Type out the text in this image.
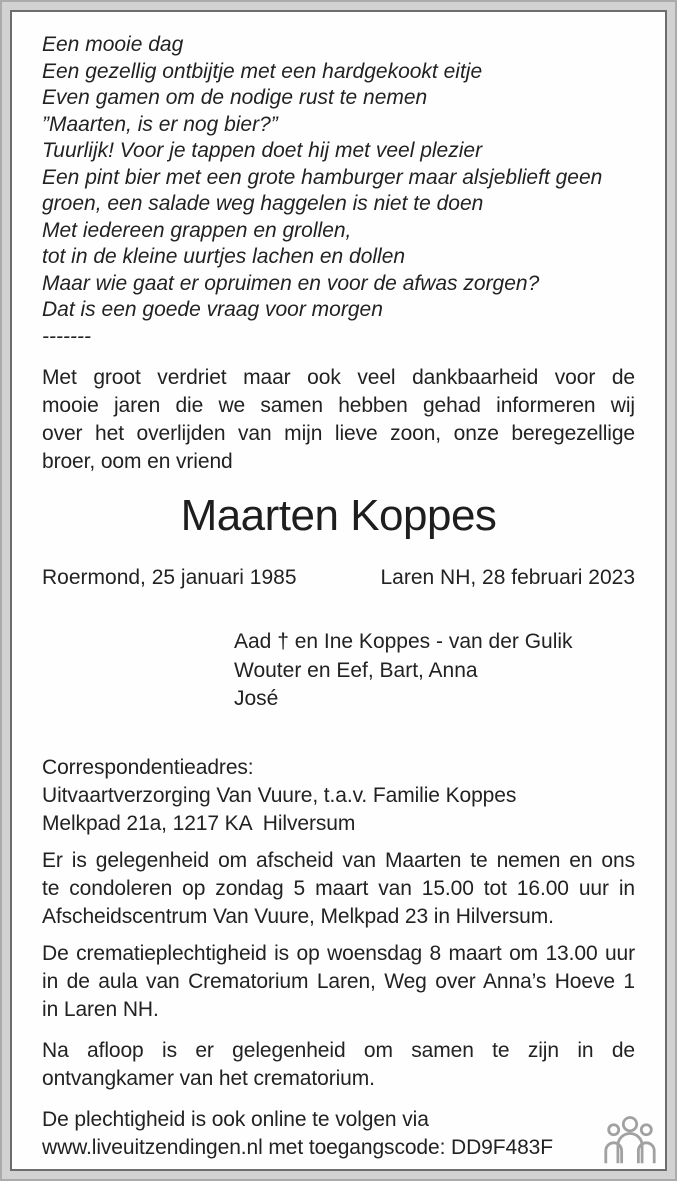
Een mooie dag
Een gezellig ontbijtje met een hardgekookt eitje
Even gamen om de nodige rust te nemen
”Maarten, is er nog bier?”
Tuurlijk! Voor je tappen doet hij met veel plezier
Een pint bier met een grote hamburger maar alsjeblieft geen
groen, een salade weg haggelen is niet te doen
Met iedereen grappen en grollen,
tot in de kleine uurtjes lachen en dollen
Maar wie gaat er opruimen en voor de afwas zorgen?
Dat is een goede vraag voor morgen
-------
Met groot verdriet maar ook veel dankbaarheid voor de
mooie jaren die we samen hebben gehad informeren wij
over het overlijden van mijn lieve zoon, onze beregezellige
broer, oom en vriend
Maarten Koppes
Roermond, 25 januari 1985	Laren NH, 28 februari 2023
Aad † en Ine Koppes - van der Gulik
Wouter en Eef, Bart, Anna
José
Correspondentieadres:
Uitvaartverzorging Van Vuure, t.a.v. Familie Koppes
Melkpad 21a, 1217 KA  Hilversum
Er is gelegenheid om afscheid van Maarten te nemen en ons
te condoleren op zondag 5 maart van 15.00 tot 16.00 uur in
Afscheidscentrum Van Vuure, Melkpad 23 in Hilversum.
De crematieplechtigheid is op woensdag 8 maart om 13.00 uur
in de aula van Crematorium Laren, Weg over Anna’s Hoeve 1
in Laren NH.
Na afloop is er gelegenheid om samen te zijn in de
ontvangkamer van het crematorium.
De plechtigheid is ook online te volgen via
www.liveuitzendingen.nl met toegangscode: DD9F483F
